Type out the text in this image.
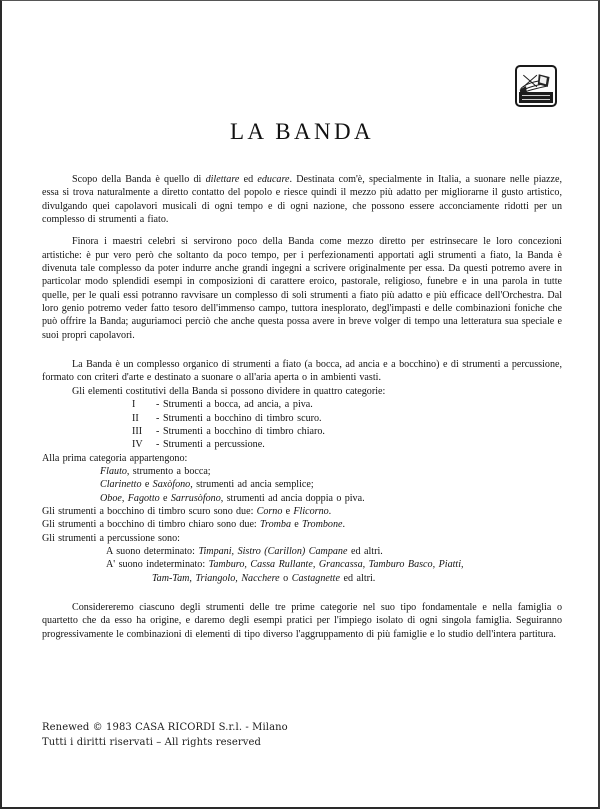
LA BANDA

Scopo della Banda è quello di dilettare ed educare. Destinata com'è, specialmente in Italia, a suonare nelle piazze, essa si trova naturalmente a diretto contatto del popolo e riesce quindi il mezzo più adatto per migliorarne il gusto artistico, divulgando quei capolavori musicali di ogni tempo e di ogni nazione, che possono essere acconciamente ridotti per un complesso di strumenti a fiato.

Finora i maestri celebri si servirono poco della Banda come mezzo diretto per estrinsecare le loro concezioni artistiche: è pur vero però che soltanto da poco tempo, per i perfezionamenti apportati agli strumenti a fiato, la Banda è divenuta tale complesso da poter indurre anche grandi ingegni a scrivere originalmente per essa. Da questi potremo avere in particolar modo splendidi esempi in composizioni di carattere eroico, pastorale, religioso, funebre e in una parola in tutte quelle, per le quali essi potranno ravvisare un complesso di soli strumenti a fiato più adatto e più efficace dell'Orchestra. Dal loro genio potremo veder fatto tesoro dell'immenso campo, tuttora inesplorato, degl'impasti e delle combinazioni foniche che può offrire la Banda; auguriamoci perciò che anche questa possa avere in breve volger di tempo una letteratura sua speciale e suoi propri capolavori.

La Banda è un complesso organico di strumenti a fiato (a bocca, ad ancia e a bocchino) e di strumenti a percussione, formato con criteri d'arte e destinato a suonare o all'aria aperta o in ambienti vasti.

Gli elementi costitutivi della Banda si possono dividere in quattro categorie:

I - Strumenti a bocca, ad ancia, a piva.
II - Strumenti a bocchino di timbro scuro.
III - Strumenti a bocchino di timbro chiaro.
IV - Strumenti a percussione.

Alla prima categoria appartengono:

Flauto, strumento a bocca;

Clarinetto e Saxòfono, strumenti ad ancia semplice;

Oboe, Fagotto e Sarrusòfono, strumenti ad ancia doppia o piva.

Gli strumenti a bocchino di timbro scuro sono due: Corno e Flicorno.

Gli strumenti a bocchino di timbro chiaro sono due: Tromba e Trombone.

Gli strumenti a percussione sono:

A suono determinato: Timpani, Sistro (Carillon) Campane ed altri.

A' suono indeterminato: Tamburo, Cassa Rullante, Grancassa, Tamburo Basco, Piatti,

Tam-Tam, Triangolo, Nacchere o Castagnette ed altri.

Considereremo ciascuno degli strumenti delle tre prime categorie nel suo tipo fondamentale e nella famiglia o quartetto che da esso ha origine, e daremo degli esempi pratici per l'impiego isolato di ogni singola famiglia. Seguiranno progressivamente le combinazioni di elementi di tipo diverso l'aggruppamento di più famiglie e lo studio dell'intera partitura.

Renewed © 1983 CASA RICORDI S.r.l. - Milano
Tutti i diritti riservati – All rights reserved
